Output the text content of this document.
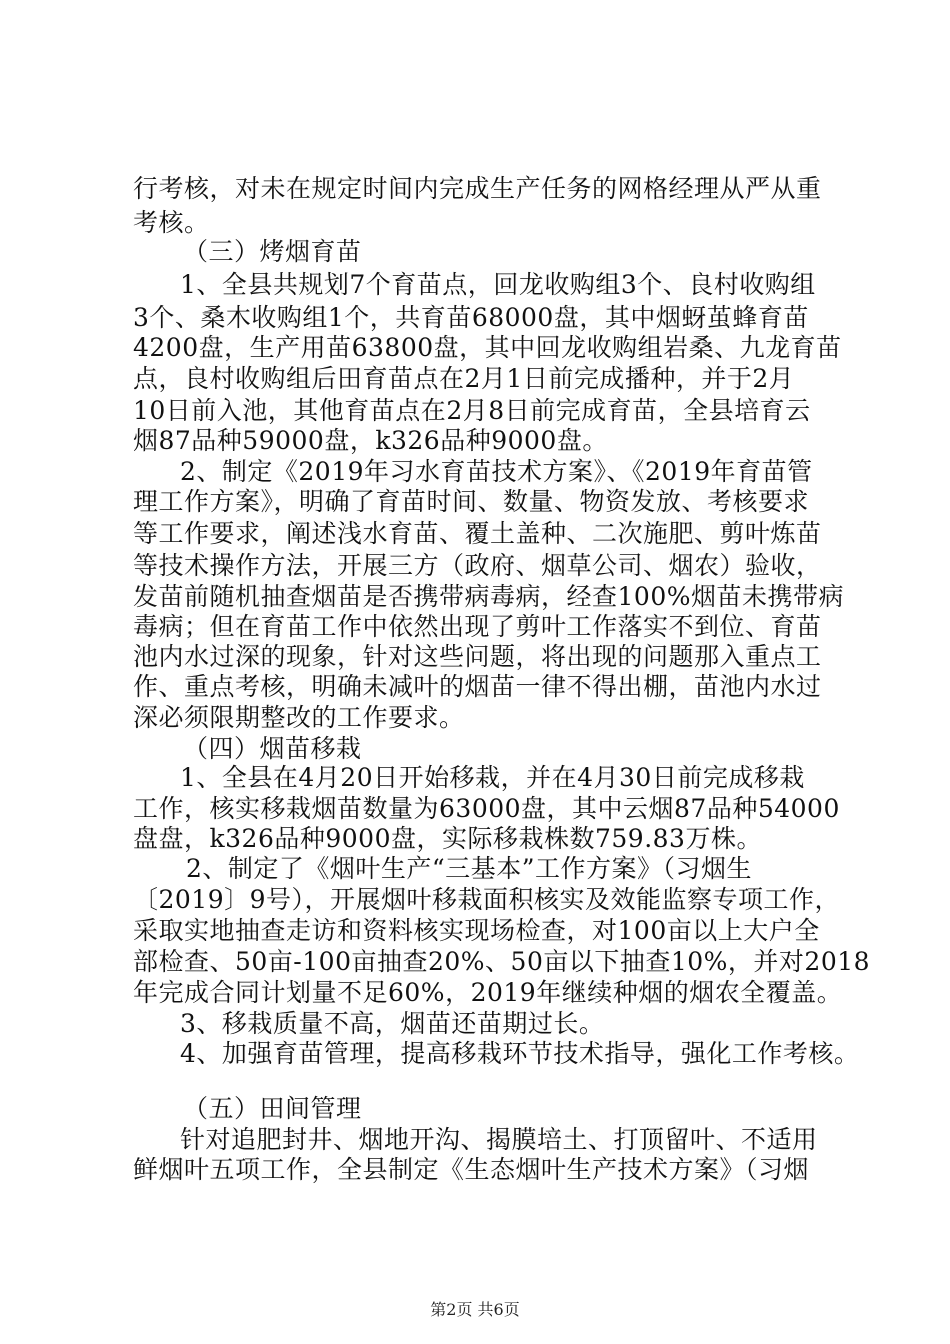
行考核，对未在规定时间内完成生产任务的网格经理从严从重
考核。
（三）烤烟育苗
1、全县共规划7个育苗点，回龙收购组3个、良村收购组
3个、桑木收购组1个，共育苗68000盘，其中烟蚜茧蜂育苗
4200盘，生产用苗63800盘，其中回龙收购组岩桑、九龙育苗
点，良村收购组后田育苗点在2月1日前完成播种，并于2月
10日前入池，其他育苗点在2月8日前完成育苗，全县培育云
烟87品种59000盘，k326品种9000盘。
2、制定《2019年习水育苗技术方案》、《2019年育苗管
理工作方案》，明确了育苗时间、数量、物资发放、考核要求
等工作要求，阐述浅水育苗、覆土盖种、二次施肥、剪叶炼苗
等技术操作方法，开展三方（政府、烟草公司、烟农）验收，
发苗前随机抽查烟苗是否携带病毒病，经查100%烟苗未携带病
毒病；但在育苗工作中依然出现了剪叶工作落实不到位、育苗
池内水过深的现象，针对这些问题，将出现的问题那入重点工
作、重点考核，明确未减叶的烟苗一律不得出棚，苗池内水过
深必须限期整改的工作要求。
（四）烟苗移栽
1、全县在4月20日开始移栽，并在4月30日前完成移栽
工作，核实移栽烟苗数量为63000盘，其中云烟87品种54000
盘盘，k326品种9000盘，实际移栽株数759.83万株。
2、制定了《烟叶生产“三基本”工作方案》（习烟生
〔2019〕9号），开展烟叶移栽面积核实及效能监察专项工作，
采取实地抽查走访和资料核实现场检查，对100亩以上大户全
部检查、50亩-100亩抽查20%、50亩以下抽查10%，并对2018
年完成合同计划量不足60%，2019年继续种烟的烟农全覆盖。
3、移栽质量不高，烟苗还苗期过长。
4、加强育苗管理，提高移栽环节技术指导，强化工作考核。
（五）田间管理
针对追肥封井、烟地开沟、揭膜培土、打顶留叶、不适用
鲜烟叶五项工作，全县制定《生态烟叶生产技术方案》（习烟
第2页 共6页
